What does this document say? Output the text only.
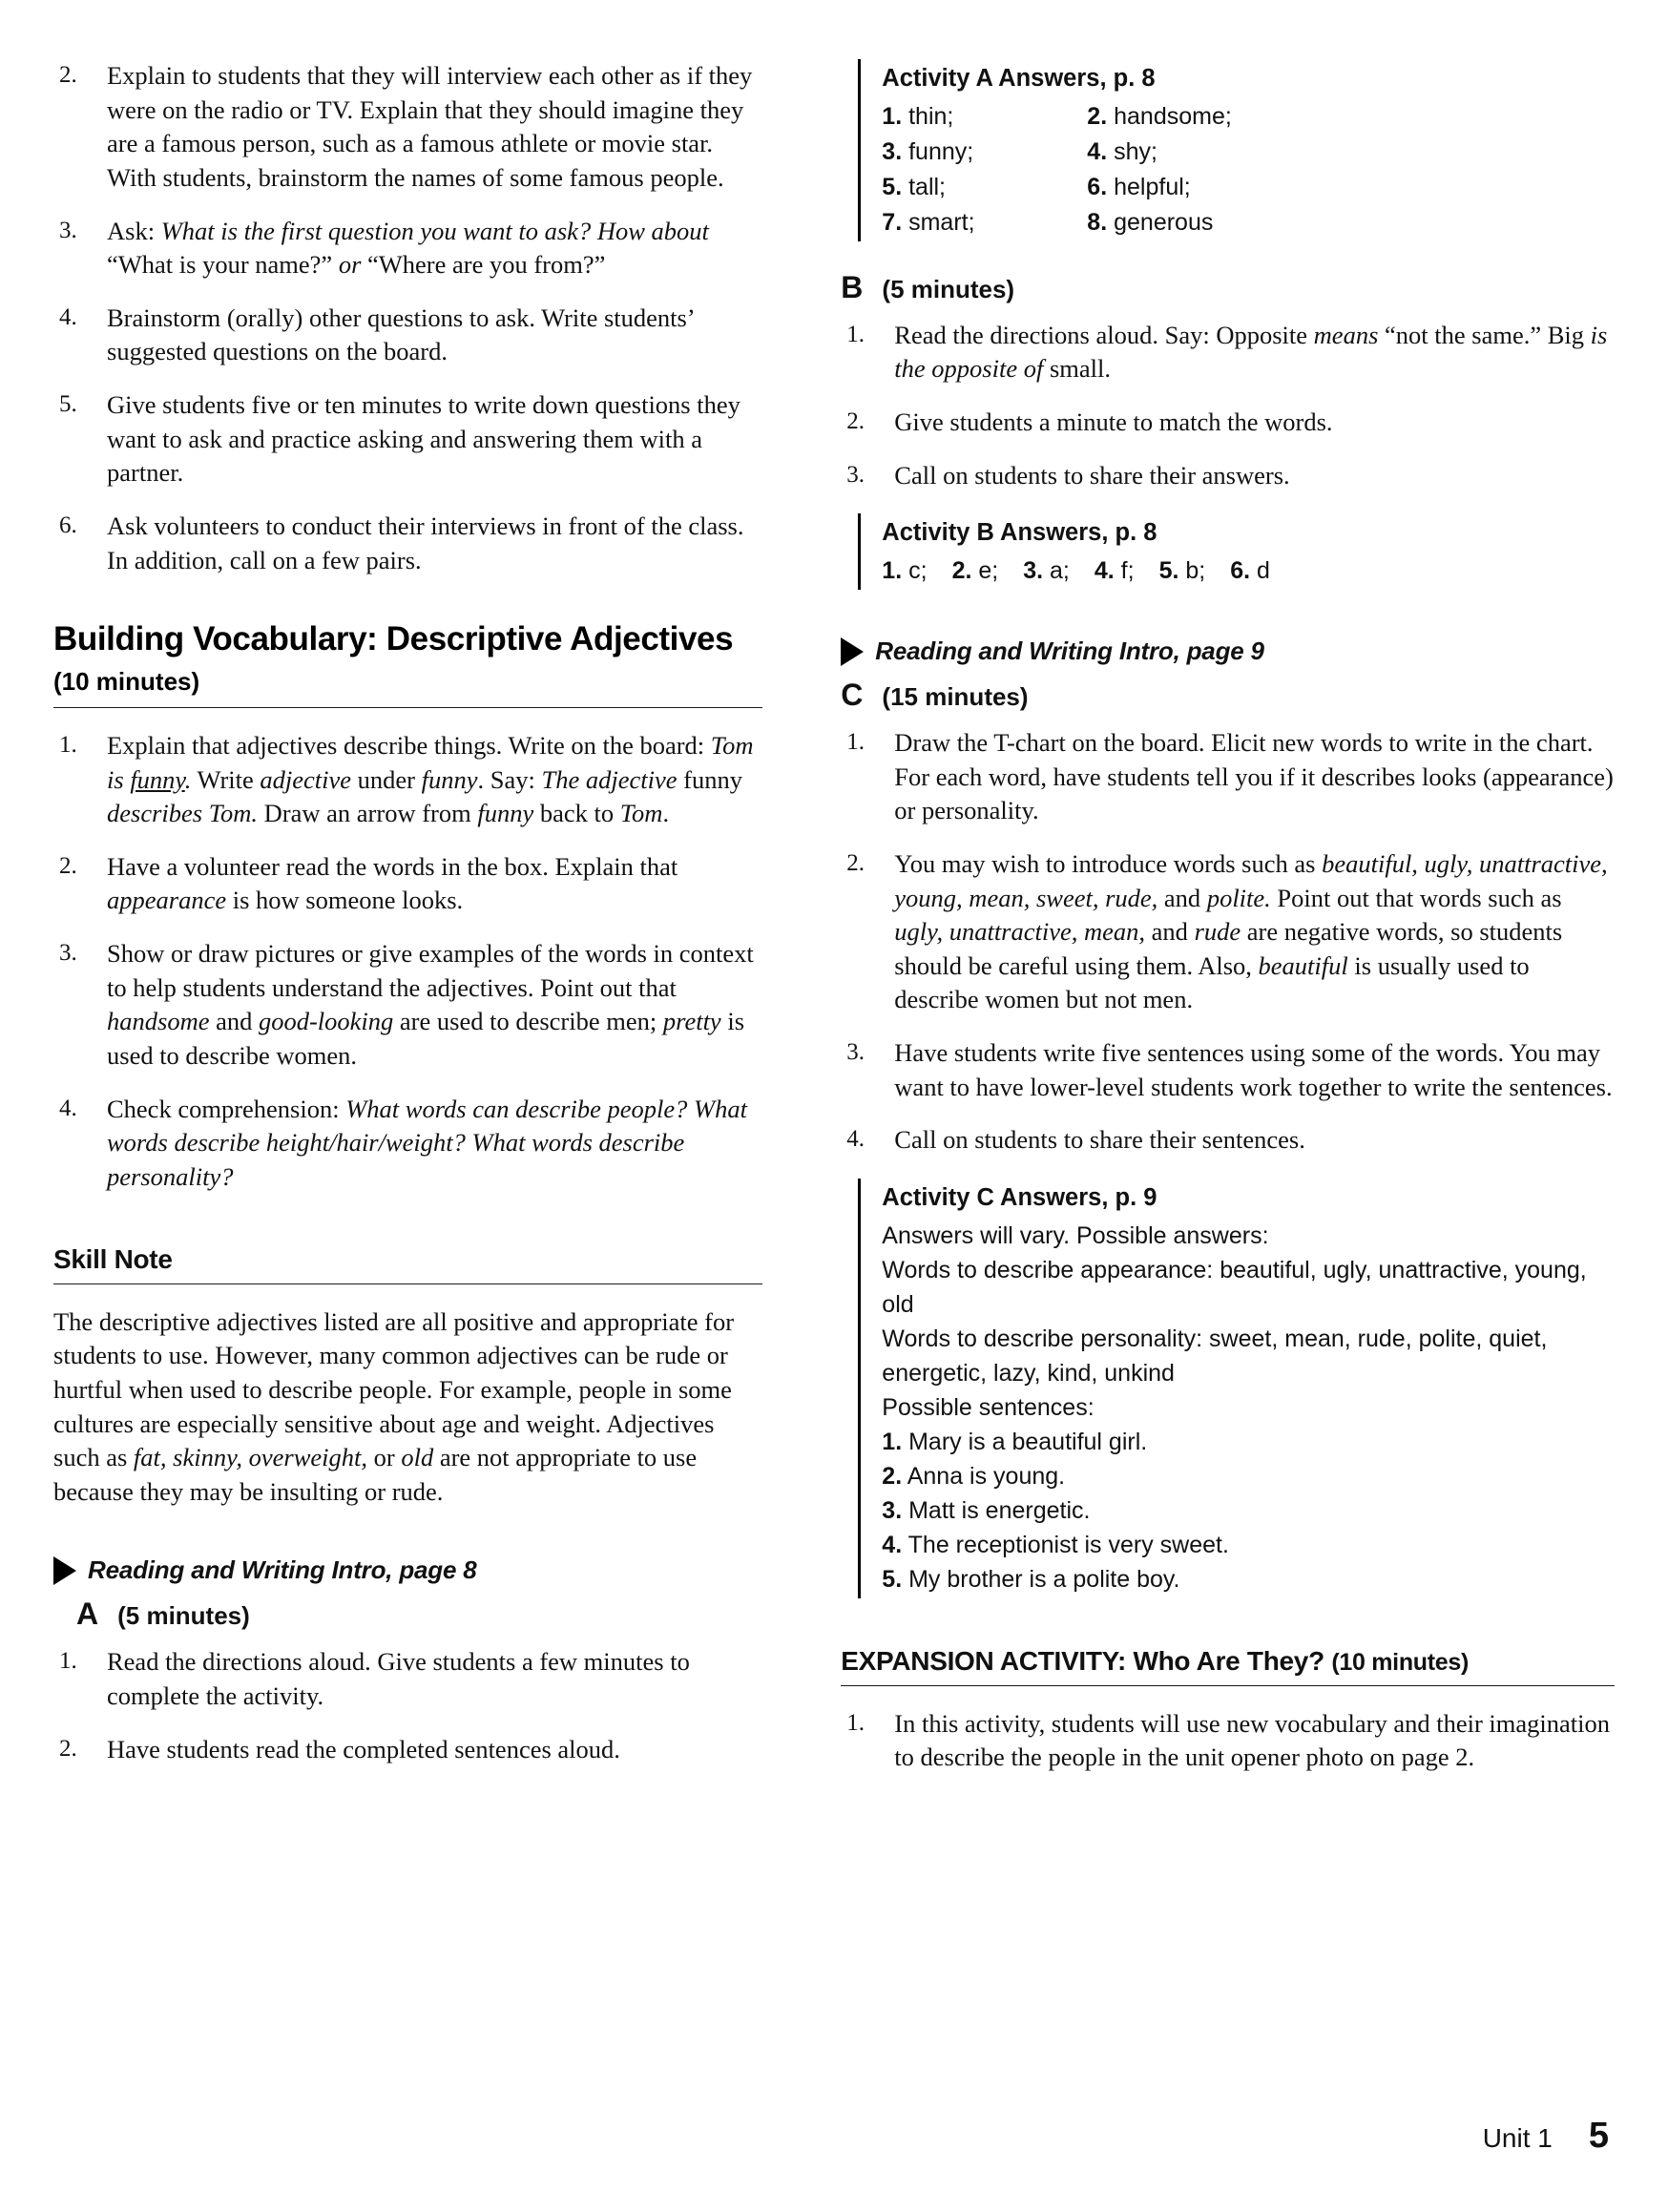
2.	Explain to students that they will interview each other as if they were on the radio or TV. Explain that they should imagine they are a famous person, such as a famous athlete or movie star. With students, brainstorm the names of some famous people.
3.	Ask: What is the first question you want to ask? How about “What is your name?” or “Where are you from?”
4.	Brainstorm (orally) other questions to ask. Write students’ suggested questions on the board.
5.	Give students five or ten minutes to write down questions they want to ask and practice asking and answering them with a partner.
6.	Ask volunteers to conduct their interviews in front of the class. In addition, call on a few pairs.
Building Vocabulary: Descriptive Adjectives (10 minutes)
1.	Explain that adjectives describe things. Write on the board: Tom is funny. Write adjective under funny. Say: The adjective funny describes Tom. Draw an arrow from funny back to Tom.
2.	Have a volunteer read the words in the box. Explain that appearance is how someone looks.
3.	Show or draw pictures or give examples of the words in context to help students understand the adjectives. Point out that handsome and good-looking are used to describe men; pretty is used to describe women.
4.	Check comprehension: What words can describe people? What words describe height/hair/weight? What words describe personality?
Skill Note

The descriptive adjectives listed are all positive and appropriate for students to use. However, many common adjectives can be rude or hurtful when used to describe people. For example, people in some cultures are especially sensitive about age and weight. Adjectives such as fat, skinny, overweight, or old are not appropriate to use because they may be insulting or rude.

Reading and Writing Intro, page 8
A (5 minutes)
1.	Read the directions aloud. Give students a few minutes to complete the activity.
2.	Have students read the completed sentences aloud.
Activity A Answers, p. 8
1. thin;	2. handsome;
3. funny;	4. shy;
5. tall;	6. helpful;
7. smart;	8. generous
B (5 minutes)
1.	Read the directions aloud. Say: Opposite means “not the same.” Big is the opposite of small.
2.	Give students a minute to match the words.
3.	Call on students to share their answers.
Activity B Answers, p. 8
1. c; 2. e; 3. a; 4. f; 5. b; 6. d
Reading and Writing Intro, page 9
C (15 minutes)
1.	Draw the T-chart on the board. Elicit new words to write in the chart. For each word, have students tell you if it describes looks (appearance) or personality.
2.	You may wish to introduce words such as beautiful, ugly, unattractive, young, mean, sweet, rude, and polite. Point out that words such as ugly, unattractive, mean, and rude are negative words, so students should be careful using them. Also, beautiful is usually used to describe women but not men.
3.	Have students write five sentences using some of the words. You may want to have lower-level students work together to write the sentences.
4.	Call on students to share their sentences.
Activity C Answers, p. 9

Answers will vary. Possible answers:

Words to describe appearance: beautiful, ugly, unattractive, young, old

Words to describe personality: sweet, mean, rude, polite, quiet, energetic, lazy, kind, unkind

Possible sentences:

1. Mary is a beautiful girl.

2. Anna is young.

3. Matt is energetic.

4. The receptionist is very sweet.

5. My brother is a polite boy.

EXPANSION ACTIVITY: Who Are They? (10 minutes)
1.	In this activity, students will use new vocabulary and their imagination to describe the people in the unit opener photo on page 2.
Unit 1 5
